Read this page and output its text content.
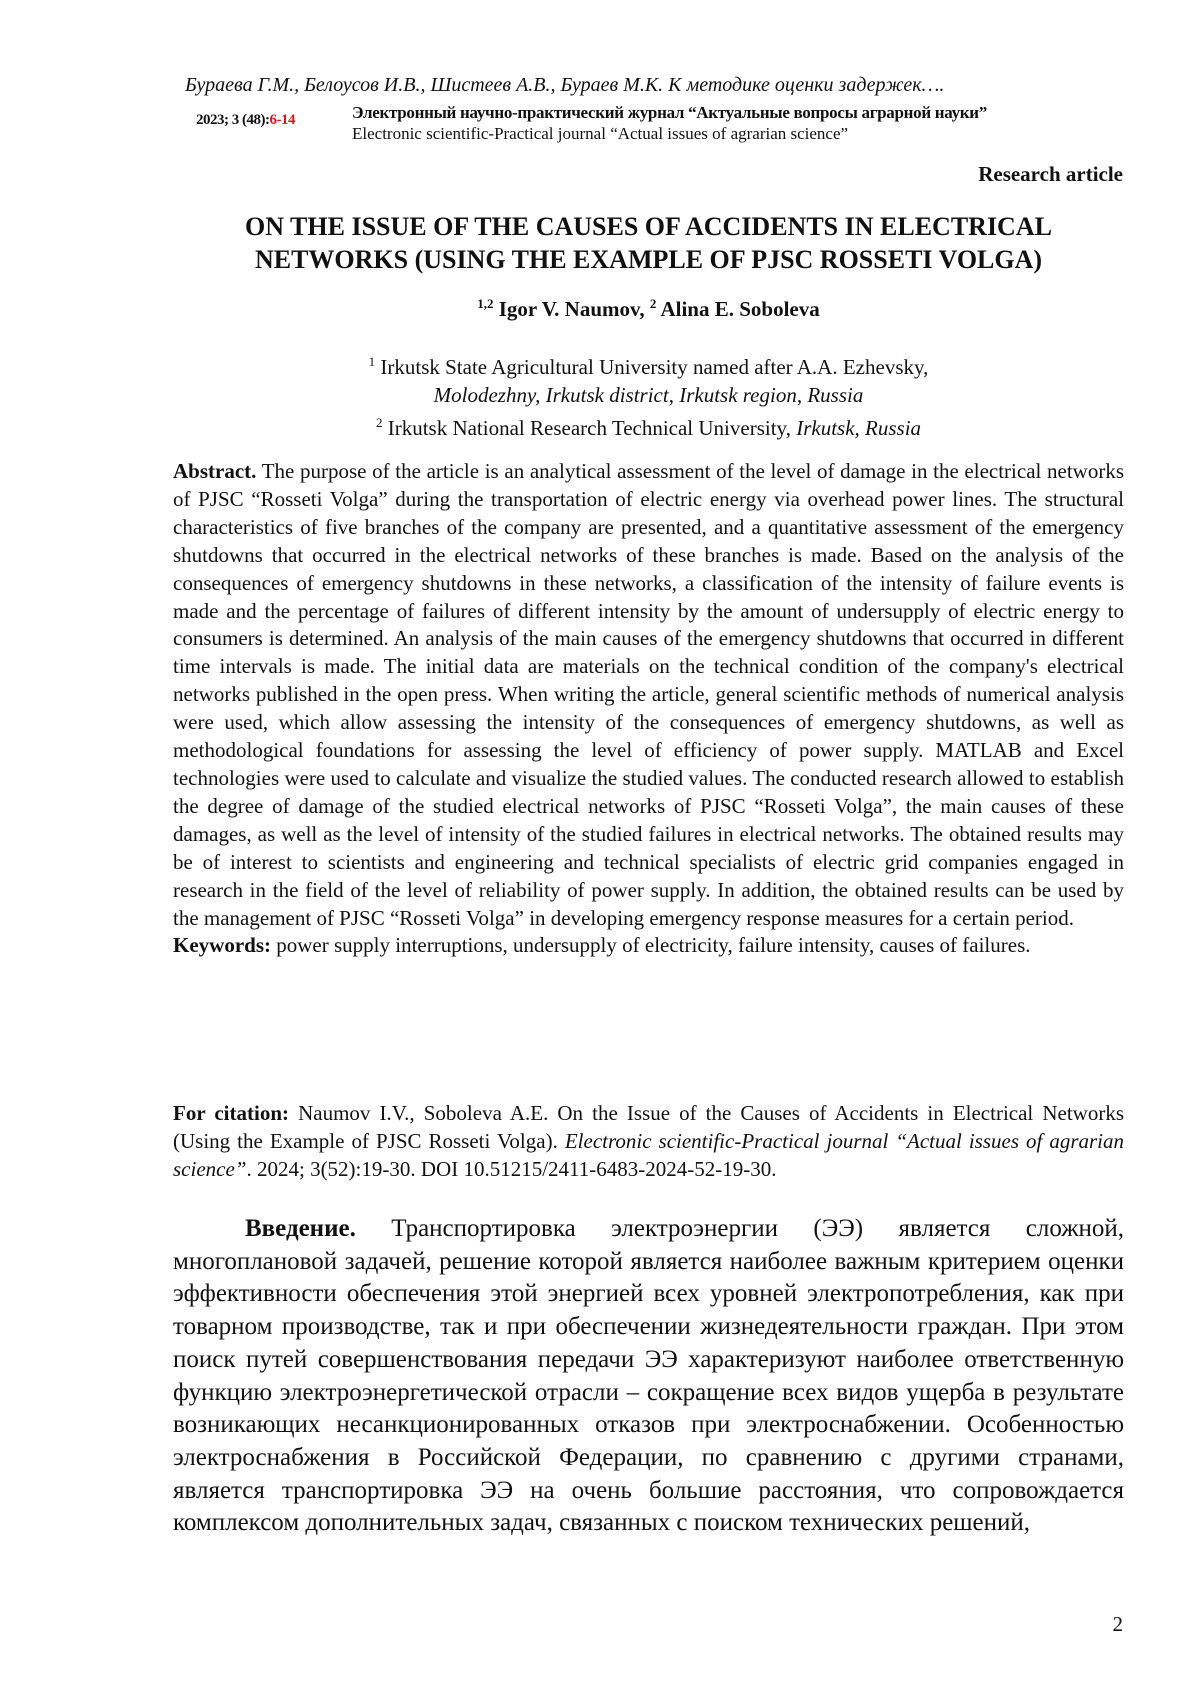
Бураева Г.М., Белоусов И.В., Шистеев А.В., Бураев М.К. К методике оценки задержек….
2023; 3 (48):6-14	Электронный научно-практический журнал “Актуальные вопросы аграрной науки”
Electronic scientific-Practical journal “Actual issues of agrarian science”
Research article
ON THE ISSUE OF THE CAUSES OF ACCIDENTS IN ELECTRICAL NETWORKS (USING THE EXAMPLE OF PJSC ROSSETI VOLGA)
1,2 Igor V. Naumov, 2 Alina E. Soboleva
1 Irkutsk State Agricultural University named after A.A. Ezhevsky,
Molodezhny, Irkutsk district, Irkutsk region, Russia
2 Irkutsk National Research Technical University, Irkutsk, Russia
Abstract. The purpose of the article is an analytical assessment of the level of damage in the electrical networks of PJSC “Rosseti Volga” during the transportation of electric energy via overhead power lines. The structural characteristics of five branches of the company are presented, and a quantitative assessment of the emergency shutdowns that occurred in the electrical networks of these branches is made. Based on the analysis of the consequences of emergency shutdowns in these networks, a classification of the intensity of failure events is made and the percentage of failures of different intensity by the amount of undersupply of electric energy to consumers is determined. An analysis of the main causes of the emergency shutdowns that occurred in different time intervals is made. The initial data are materials on the technical condition of the company's electrical networks published in the open press. When writing the article, general scientific methods of numerical analysis were used, which allow assessing the intensity of the consequences of emergency shutdowns, as well as methodological foundations for assessing the level of efficiency of power supply. MATLAB and Excel technologies were used to calculate and visualize the studied values. The conducted research allowed to establish the degree of damage of the studied electrical networks of PJSC “Rosseti Volga”, the main causes of these damages, as well as the level of intensity of the studied failures in electrical networks. The obtained results may be of interest to scientists and engineering and technical specialists of electric grid companies engaged in research in the field of the level of reliability of power supply. In addition, the obtained results can be used by the management of PJSC “Rosseti Volga” in developing emergency response measures for a certain period.
Keywords: power supply interruptions, undersupply of electricity, failure intensity, causes of failures.
For citation: Naumov I.V., Soboleva A.E. On the Issue of the Causes of Accidents in Electrical Networks (Using the Example of PJSC Rosseti Volga). Electronic scientific-Practical journal “Actual issues of agrarian science”. 2024; 3(52):19-30. DOI 10.51215/2411-6483-2024-52-19-30.
Введение. Транспортировка электроэнергии (ЭЭ) является сложной, многоплановой задачей, решение которой является наиболее важным критерием оценки эффективности обеспечения этой энергией всех уровней электропотребления, как при товарном производстве, так и при обеспечении жизнедеятельности граждан. При этом поиск путей совершенствования передачи ЭЭ характеризуют наиболее ответственную функцию электроэнергетической отрасли – сокращение всех видов ущерба в результате возникающих несанкционированных отказов при электроснабжении. Особенностью электроснабжения в Российской Федерации, по сравнению с другими странами, является транспортировка ЭЭ на очень большие расстояния, что сопровождается комплексом дополнительных задач, связанных с поиском технических решений,
2
